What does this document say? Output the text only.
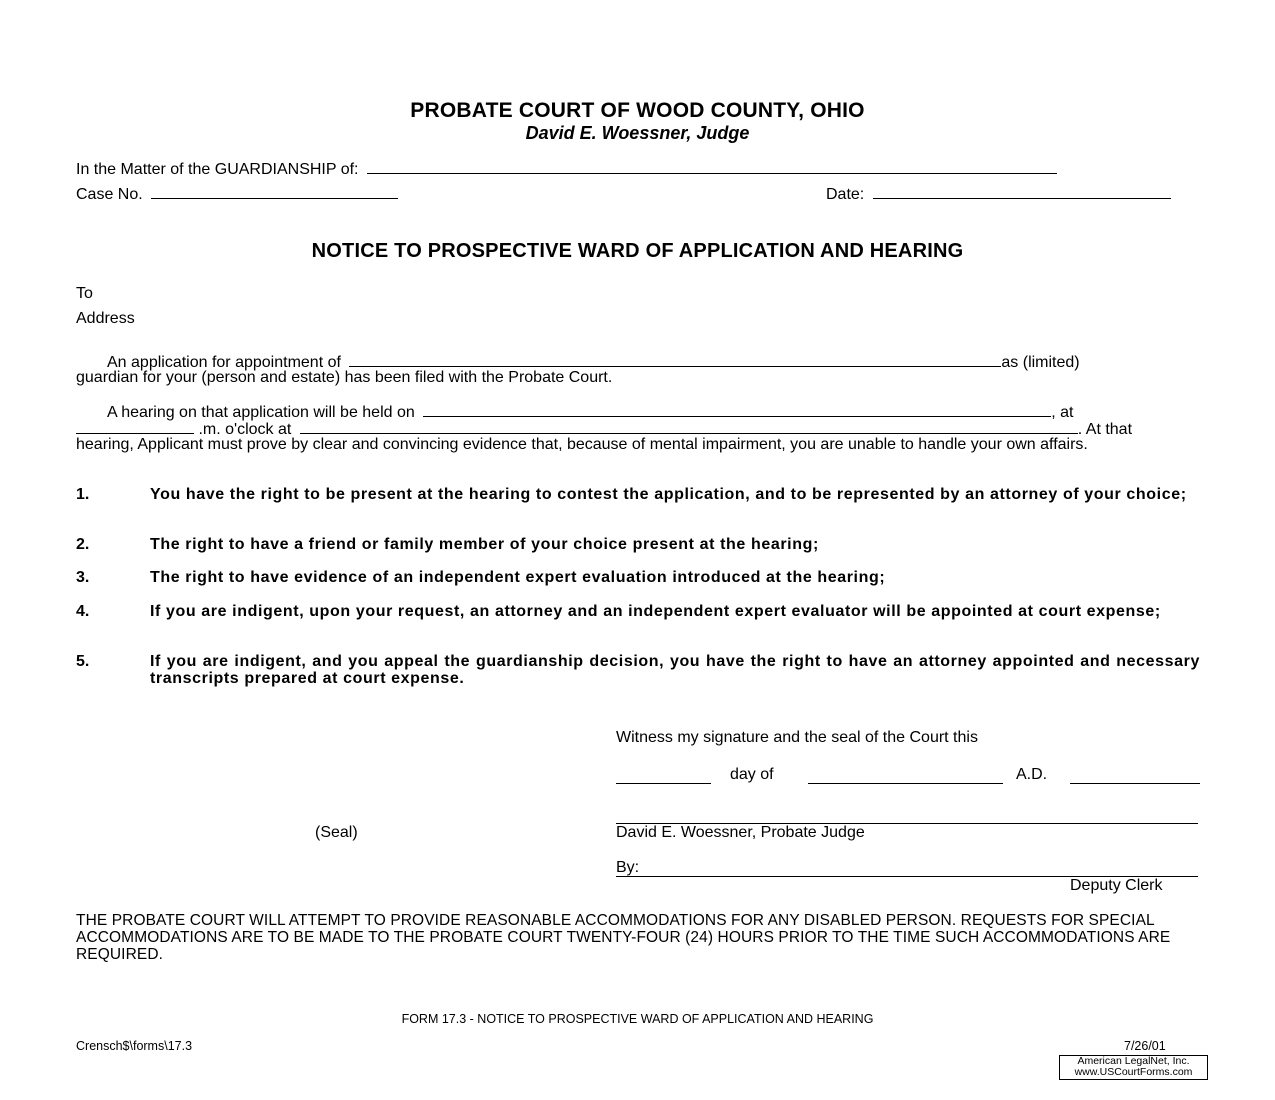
PROBATE COURT OF WOOD COUNTY, OHIO
David E. Woessner, Judge
In the Matter of the GUARDIANSHIP of:
Case No.	Date:
NOTICE TO PROSPECTIVE WARD OF APPLICATION AND HEARING
To
Address
An application for appointment of	as (limited)
guardian for your (person and estate) has been filed with the Probate Court.
A hearing on that application will be held on	, at
.m. o'clock at	. At that
hearing, Applicant must prove by clear and convincing evidence that, because of mental impairment, you are unable to handle your own affairs.
1.	You have the right to be present at the hearing to contest the application, and to be represented by an attorney of your choice;
2.	The right to have a friend or family member of your choice present at the hearing;
3.	The right to have evidence of an independent expert evaluation introduced at the hearing;
4.	If you are indigent, upon your request, an attorney and an independent expert evaluator will be appointed at court expense;
5.	If you are indigent, and you appeal the guardianship decision, you have the right to have an attorney appointed and necessary transcripts prepared at court expense.
Witness my signature and the seal of the Court this
day of	A.D.
(Seal)	David E. Woessner, Probate Judge
By:
Deputy Clerk
THE PROBATE COURT WILL ATTEMPT TO PROVIDE REASONABLE ACCOMMODATIONS FOR ANY DISABLED PERSON. REQUESTS FOR SPECIAL ACCOMMODATIONS ARE TO BE MADE TO THE PROBATE COURT TWENTY-FOUR (24) HOURS PRIOR TO THE TIME SUCH ACCOMMODATIONS ARE REQUIRED.
FORM 17.3 - NOTICE TO PROSPECTIVE WARD OF APPLICATION AND HEARING
Crensch$\forms\17.3	7/26/01
American LegalNet, Inc.
www.USCourtForms.com
